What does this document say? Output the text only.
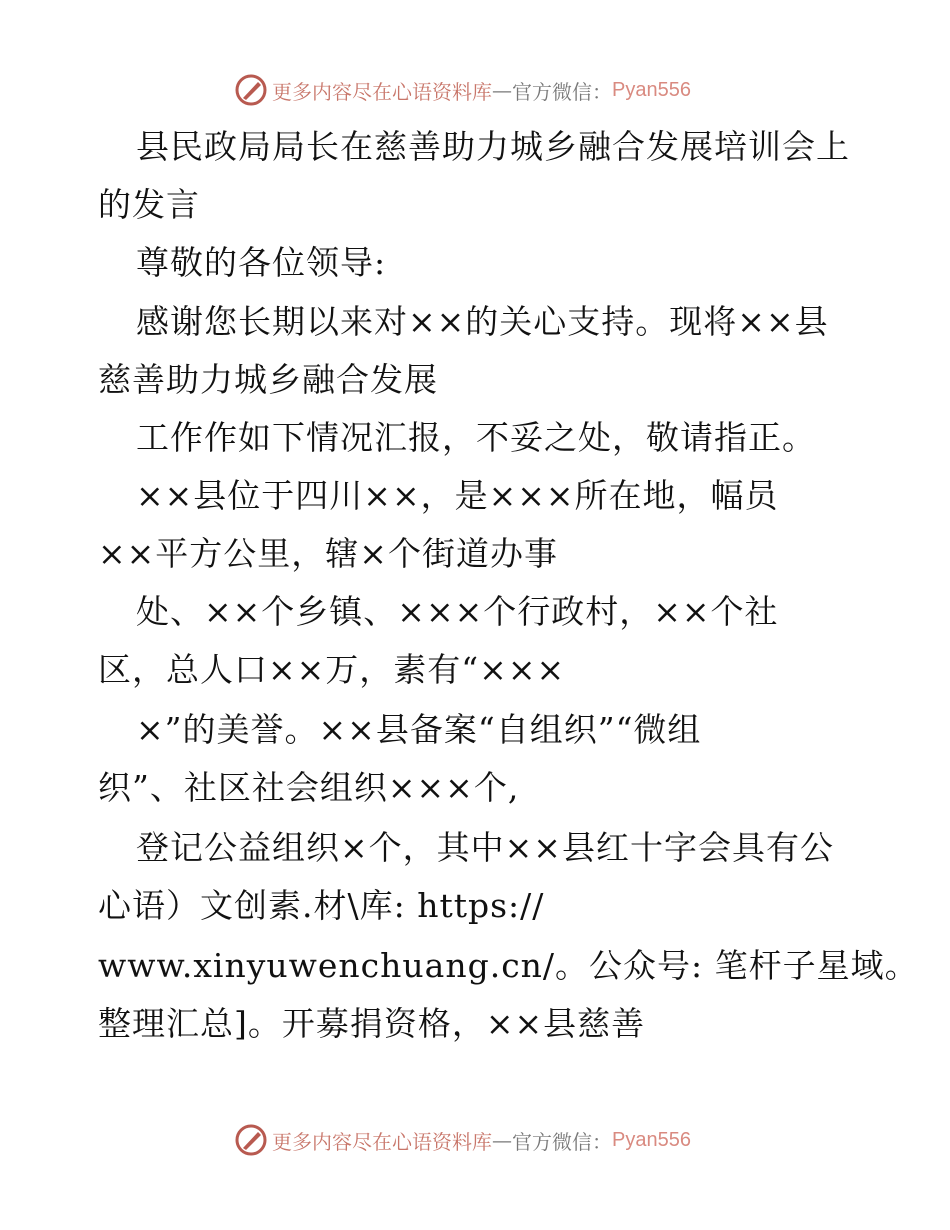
更多内容尽在心语资料库 — 官方微信： Pyan556
县民政局局长在慈善助力城乡融合发展培训会上
的发言
尊敬的各位领导:
感谢您长期以来对××的关心支持。现将××县
慈善助力城乡融合发展
工作作如下情况汇报，不妥之处，敬请指正。
××县位于四川××，是×××所在地，幅员
××平方公里，辖×个街道办事
处、××个乡镇、×××个行政村，××个社
区，总人口××万，素有“×××
×”的美誉。××县备案“自组织”“微组
织”、社区社会组织×××个,
登记公益组织×个，其中××县红十字会具有公
心语）文创素.材\库: https://
www.xinyuwenchuang.cn/。公众号: 笔杆子星域。
整理汇总]。开募捐资格，××县慈善
更多内容尽在心语资料库 — 官方微信： Pyan556
